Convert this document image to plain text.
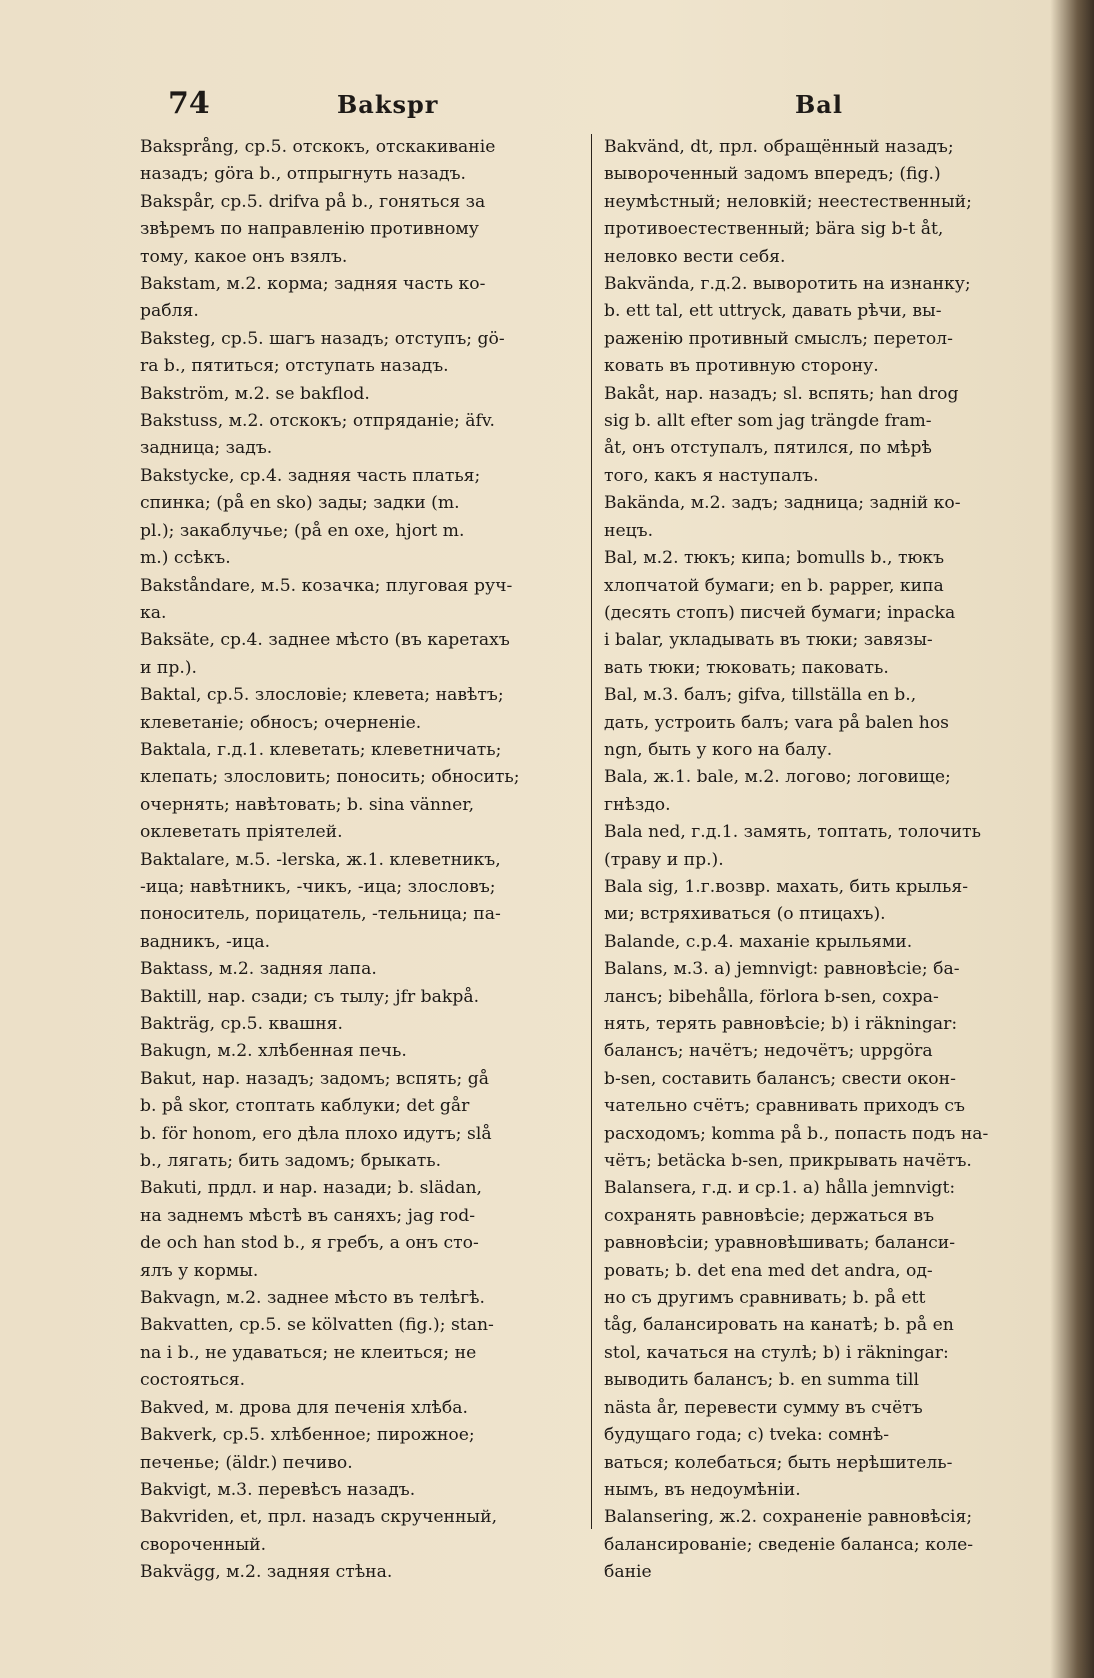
74	Bakspr	Bal
Baksprång, ср.5. отскокъ, отскакиваніе
назадъ; göra b., отпрыгнуть назадъ.
Bakspår, ср.5. drifva på b., гоняться за
звѣремъ по направленію противному
тому, какое онъ взялъ.
Bakstam, м.2. корма; задняя часть ко-
рабля.
Baksteg, ср.5. шагъ назадъ; отступъ; gö-
ra b., пятиться; отступать назадъ.
Bakström, м.2. se bakflod.
Bakstuss, м.2. отскокъ; отпряданіе; äfv.
задница; задъ.
Bakstycke, ср.4. задняя часть платья;
спинка; (på en sko) зады; задки (m.
pl.); закаблучье; (på en oxe, hjort m.
m.) ссѣкъ.
Bakståndare, м.5. козачка; плуговая руч-
ка.
Baksäte, ср.4. заднее мѣсто (въ каретахъ
и пр.).
Baktal, ср.5. злословіе; клевета; навѣтъ;
клеветаніе; обносъ; очерненіе.
Baktala, г.д.1. клеветать; клеветничать;
клепать; злословить; поносить; обносить;
очернять; навѣтовать; b. sina vänner,
оклеветать пріятелей.
Baktalare, м.5. -lerska, ж.1. клеветникъ,
-ица; навѣтникъ, -чикъ, -ица; злословъ;
поноситель, порицатель, -тельница; па-
вадникъ, -ица.
Baktass, м.2. задняя лапа.
Baktill, нар. сзади; съ тылу; jfr bakpå.
Bakträg, ср.5. квашня.
Bakugn, м.2. хлѣбенная печь.
Bakut, нар. назадъ; задомъ; вспять; gå
b. på skor, стоптать каблуки; det går
b. för honom, его дѣла плохо идутъ; slå
b., лягать; бить задомъ; брыкать.
Bakuti, прдл. и нар. назади; b. slädan,
на заднемъ мѣстѣ въ саняхъ; jag rod-
de och han stod b., я гребъ, а онъ сто-
ялъ у кормы.
Bakvagn, м.2. заднее мѣсто въ телѣгѣ.
Bakvatten, ср.5. se kölvatten (fig.); stan-
na i b., не удаваться; не клеиться; не
состояться.
Bakved, м. дрова для печенія хлѣба.
Bakverk, ср.5. хлѣбенное; пирожное;
печенье; (äldr.) печиво.
Bakvigt, м.3. перевѣсъ назадъ.
Bakvriden, et, прл. назадъ скрученный,
свороченный.
Bakvägg, м.2. задняя стѣна.
Bakvänd, dt, прл. обращённый назадъ;
вывороченный задомъ впередъ; (fig.)
неумѣстный; неловкій; неестественный;
противоестественный; bära sig b-t åt,
неловко вести себя.
Bakvända, г.д.2. выворотить на изнанку;
b. ett tal, ett uttryck, давать рѣчи, вы-
раженію противный смыслъ; перетол-
ковать въ противную сторону.
Bakåt, нар. назадъ; sl. вспять; han drog
sig b. allt efter som jag trängde fram-
åt, онъ отступалъ, пятился, по мѣрѣ
того, какъ я наступалъ.
Bakända, м.2. задъ; задница; задній ко-
нецъ.
Bal, м.2. тюкъ; кипа; bomulls b., тюкъ
хлопчатой бумаги; en b. papper, кипа
(десять стопъ) писчей бумаги; inpacka
i balar, укладывать въ тюки; завязы-
вать тюки; тюковать; паковать.
Bal, м.3. балъ; gifva, tillställa en b.,
дать, устроить балъ; vara på balen hos
ngn, быть у кого на балу.
Bala, ж.1. bale, м.2. логово; логовище;
гнѣздо.
Bala ned, г.д.1. замять, топтать, толочить
(траву и пр.).
Bala sig, 1.г.возвр. махать, бить крылья-
ми; встряхиваться (о птицахъ).
Balande, с.р.4. маханіе крыльями.
Balans, м.3. a) jemnvigt: равновѣсіе; ба-
лансъ; bibehålla, förlora b-sen, сохра-
нять, терять равновѣсіе; b) i räkningar:
балансъ; начётъ; недочётъ; uppgöra
b-sen, составить балансъ; свести окон-
чательно счётъ; сравнивать приходъ съ
расходомъ; komma på b., попасть подъ на-
чётъ; betäcka b-sen, прикрывать начётъ.
Balansera, г.д. и ср.1. a) hålla jemnvigt:
сохранять равновѣсіе; держаться въ
равновѣсіи; уравновѣшивать; баланси-
ровать; b. det ena med det andra, од-
но съ другимъ сравнивать; b. på ett
tåg, балансировать на канатѣ; b. på en
stol, качаться на стулѣ; b) i räkningar:
выводить балансъ; b. en summa till
nästa år, перевести сумму въ счётъ
будущаго года; c) tveka: сомнѣ-
ваться; колебаться; быть нерѣшитель-
нымъ, въ недоумѣніи.
Balansering, ж.2. сохраненіе равновѣсія;
балансированіе; сведеніе баланса; коле-
баніе
